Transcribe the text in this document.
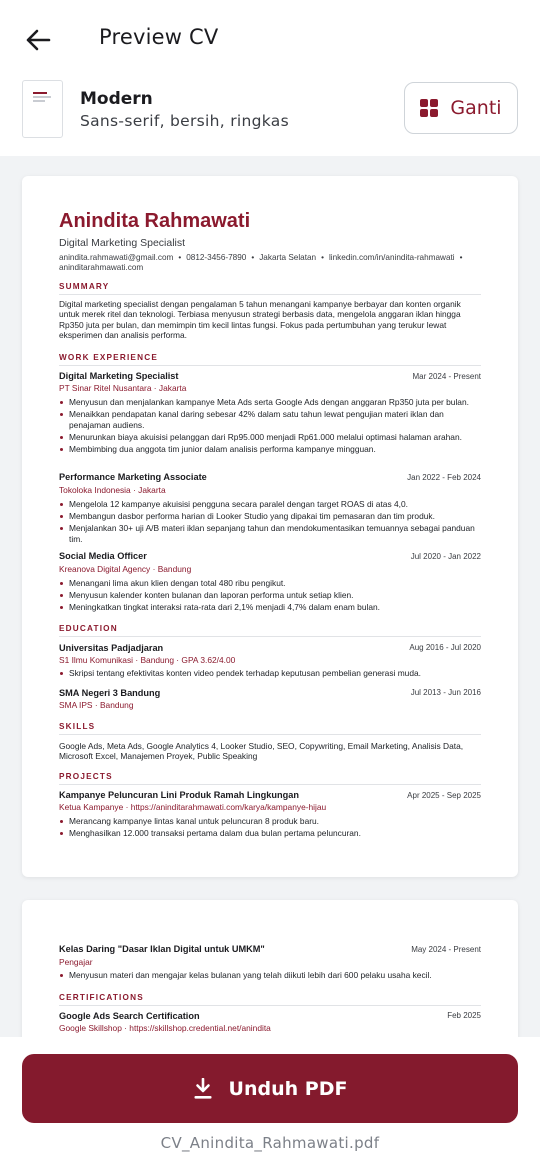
Preview CV
Modern
Sans-serif, bersih, ringkas
Ganti
Anindita Rahmawati
Digital Marketing Specialist
anindita.rahmawati@gmail.com • 0812-3456-7890 • Jakarta Selatan • linkedin.com/in/anindita-rahmawati •
aninditarahmawati.com
SUMMARY
Digital marketing specialist dengan pengalaman 5 tahun menangani kampanye berbayar dan konten organik untuk merek ritel dan teknologi. Terbiasa menyusun strategi berbasis data, mengelola anggaran iklan hingga Rp350 juta per bulan, dan memimpin tim kecil lintas fungsi. Fokus pada pertumbuhan yang terukur lewat eksperimen dan analisis performa.
WORK EXPERIENCE
Digital Marketing Specialist	Mar 2024 - Present
PT Sinar Ritel Nusantara · Jakarta
Menyusun dan menjalankan kampanye Meta Ads serta Google Ads dengan anggaran Rp350 juta per bulan.
Menaikkan pendapatan kanal daring sebesar 42% dalam satu tahun lewat pengujian materi iklan dan penajaman audiens.
Menurunkan biaya akuisisi pelanggan dari Rp95.000 menjadi Rp61.000 melalui optimasi halaman arahan.
Membimbing dua anggota tim junior dalam analisis performa kampanye mingguan.
Performance Marketing Associate	Jan 2022 - Feb 2024
Tokoloka Indonesia · Jakarta
Mengelola 12 kampanye akuisisi pengguna secara paralel dengan target ROAS di atas 4,0.
Membangun dasbor performa harian di Looker Studio yang dipakai tim pemasaran dan tim produk.
Menjalankan 30+ uji A/B materi iklan sepanjang tahun dan mendokumentasikan temuannya sebagai panduan tim.
Social Media Officer	Jul 2020 - Jan 2022
Kreanova Digital Agency · Bandung
Menangani lima akun klien dengan total 480 ribu pengikut.
Menyusun kalender konten bulanan dan laporan performa untuk setiap klien.
Meningkatkan tingkat interaksi rata-rata dari 2,1% menjadi 4,7% dalam enam bulan.
EDUCATION
Universitas Padjadjaran	Aug 2016 - Jul 2020
S1 Ilmu Komunikasi · Bandung · GPA 3.62/4.00
Skripsi tentang efektivitas konten video pendek terhadap keputusan pembelian generasi muda.
SMA Negeri 3 Bandung	Jul 2013 - Jun 2016
SMA IPS · Bandung
SKILLS
Google Ads, Meta Ads, Google Analytics 4, Looker Studio, SEO, Copywriting, Email Marketing, Analisis Data, Microsoft Excel, Manajemen Proyek, Public Speaking
PROJECTS
Kampanye Peluncuran Lini Produk Ramah Lingkungan	Apr 2025 - Sep 2025
Ketua Kampanye · https://aninditarahmawati.com/karya/kampanye-hijau
Merancang kampanye lintas kanal untuk peluncuran 8 produk baru.
Menghasilkan 12.000 transaksi pertama dalam dua bulan pertama peluncuran.
Kelas Daring "Dasar Iklan Digital untuk UMKM"	May 2024 - Present
Pengajar
Menyusun materi dan mengajar kelas bulanan yang telah diikuti lebih dari 600 pelaku usaha kecil.
CERTIFICATIONS
Google Ads Search Certification	Feb 2025
Google Skillshop · https://skillshop.credential.net/anindita
Unduh PDF
CV_Anindita_Rahmawati.pdf
